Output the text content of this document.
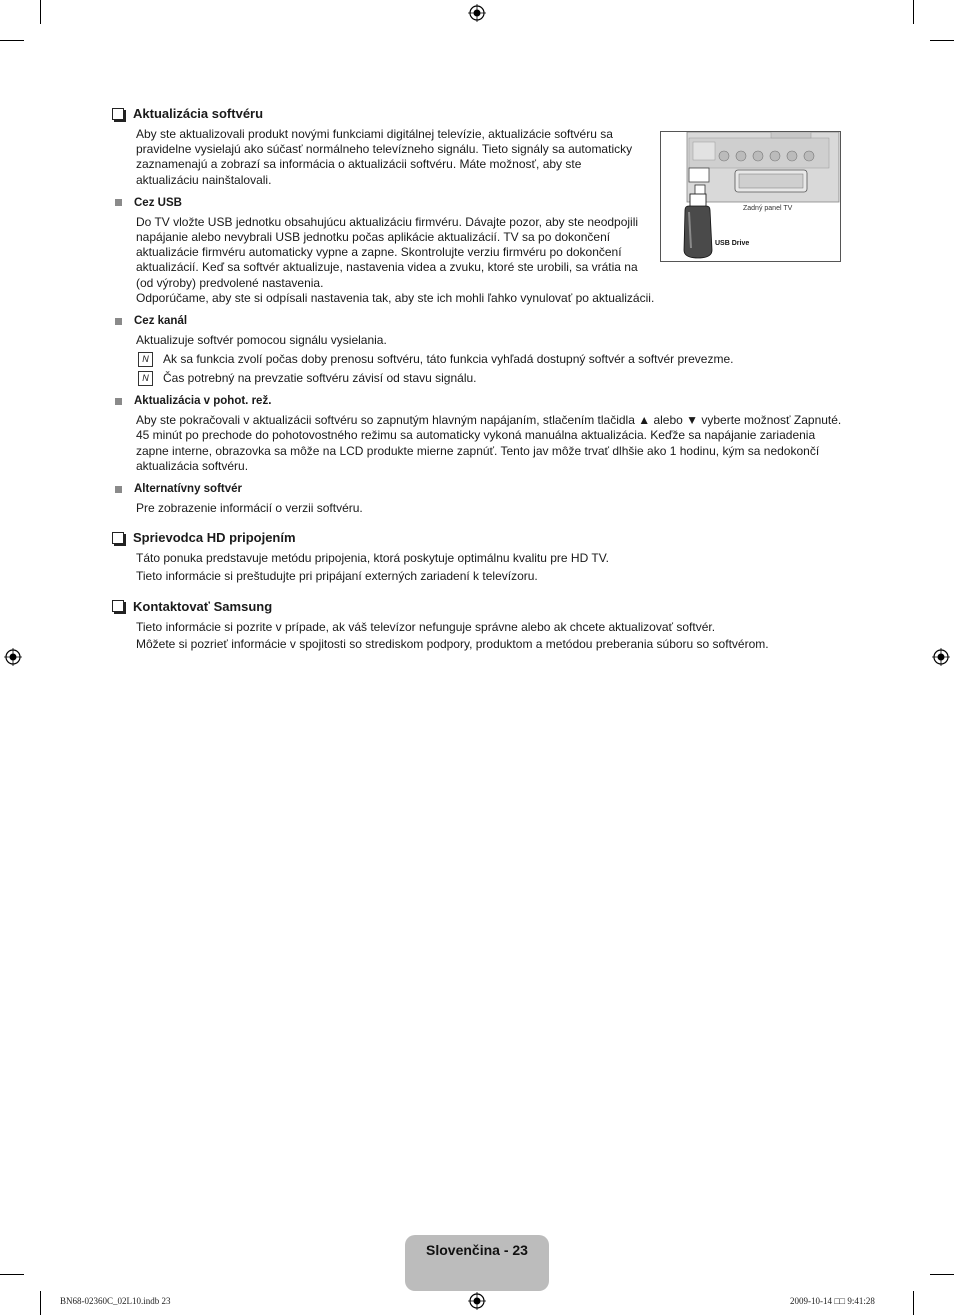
Aktualizácia softvéru

Aby ste aktualizovali produkt novými funkciami digitálnej televízie, aktualizácie softvéru sa pravidelne vysielajú ako súčasť normálneho televízneho signálu. Tieto signály sa automaticky zaznamenajú a zobrazí sa informácia o aktualizácii softvéru. Máte možnosť, aby ste aktualizáciu nainštalovali.

Cez USB

Do TV vložte USB jednotku obsahujúcu aktualizáciu firmvéru. Dávajte pozor, aby ste neodpojili napájanie alebo nevybrali USB jednotku počas aplikácie aktualizácií. TV sa po dokončení aktualizácie firmvéru automaticky vypne a zapne. Skontrolujte verziu firmvéru po dokončení aktualizácií. Keď sa softvér aktualizuje, nastavenia videa a zvuku, ktoré ste urobili, sa vrátia na (od výroby) predvolené nastavenia.

Odporúčame, aby ste si odpísali nastavenia tak, aby ste ich mohli ľahko vynulovať po aktualizácii.

Cez kanál

Aktualizuje softvér pomocou signálu vysielania.

N	Ak sa funkcia zvolí počas doby prenosu softvéru, táto funkcia vyhľadá dostupný softvér a softvér prevezme.
N	Čas potrebný na prevzatie softvéru závisí od stavu signálu.
Aktualizácia v pohot. rež.

Aby ste pokračovali v aktualizácii softvéru so zapnutým hlavným napájaním, stlačením tlačidla ▲ alebo ▼ vyberte možnosť Zapnuté. 45 minút po prechode do pohotovostného režimu sa automaticky vykoná manuálna aktualizácia. Keďže sa napájanie zariadenia zapne interne, obrazovka sa môže na LCD produkte mierne zapnúť. Tento jav môže trvať dlhšie ako 1 hodinu, kým sa nedokončí aktualizácia softvéru.

Alternatívny softvér

Pre zobrazenie informácií o verzii softvéru.

Sprievodca HD pripojením

Táto ponuka predstavuje metódu pripojenia, ktorá poskytuje optimálnu kvalitu pre HD TV.

Tieto informácie si preštudujte pri pripájaní externých zariadení k televízoru.

Kontaktovať Samsung

Tieto informácie si pozrite v prípade, ak váš televízor nefunguje správne alebo ak chcete aktualizovať softvér.

Môžete si pozrieť informácie v spojitosti so strediskom podpory, produktom a metódou preberania súboru so softvérom.

Zadný panel TV
USB Drive
Slovenčina - 23
BN68-02360C_02L10.indb 23	2009-10-14 □□ 9:41:28
